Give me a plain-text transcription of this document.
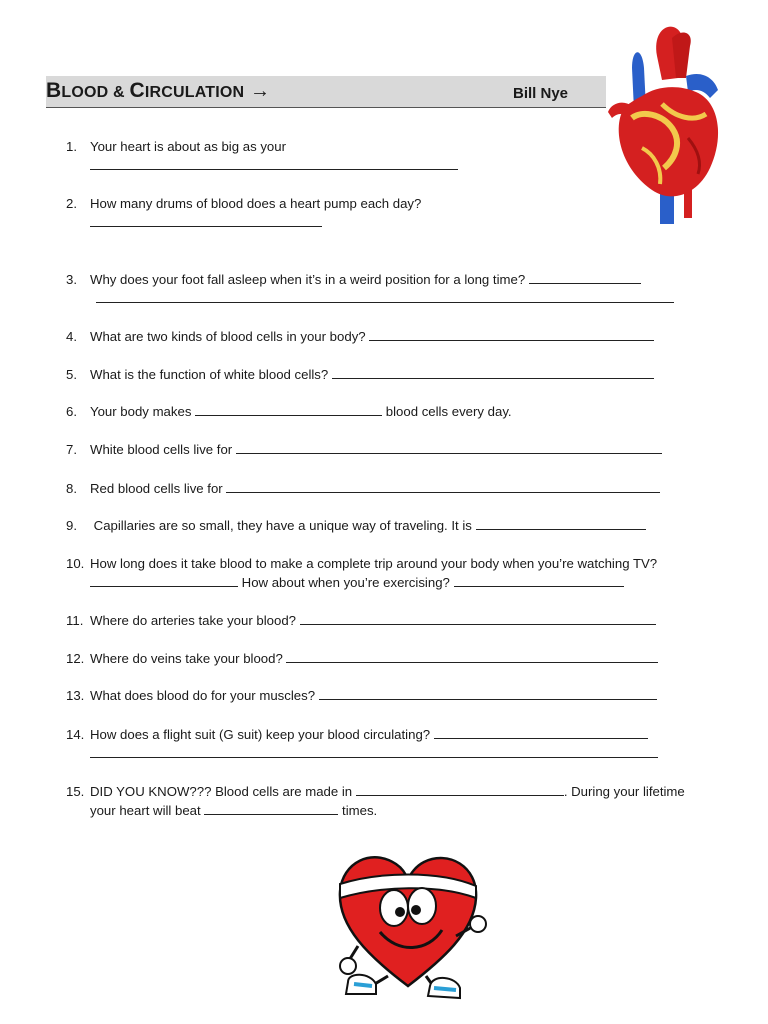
BLOOD & CIRCULATION →	Bill Nye
1. Your heart is about as big as your

2. How many drums of blood does a heart pump each day?

3. Why does your foot fall asleep when it’s in a weird position for a long time?

4. What are two kinds of blood cells in your body?
5. What is the function of white blood cells?
6. Your body makes	blood cells every day.
7. White blood cells live for
8. Red blood cells live for
9. Capillaries are so small, they have a unique way of traveling. It is
10. How long does it take blood to make a complete trip around your body when you’re watching TV?
How about when you’re exercising?
11. Where do arteries take your blood?
12. Where do veins take your blood?
13. What does blood do for your muscles?
14. How does a flight suit (G suit) keep your blood circulating?

15. DID YOU KNOW??? Blood cells are made in	. During your lifetime
your heart will beat	times.
